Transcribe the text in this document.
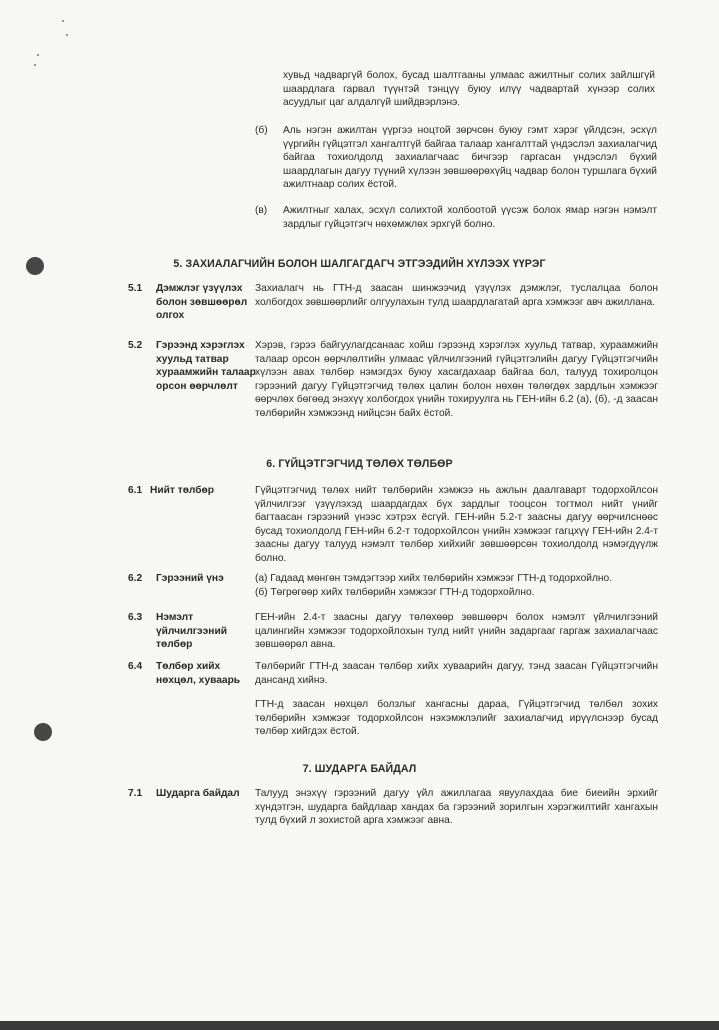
хувьд чадваргүй болох, бусад шалтгааны улмаас ажилтныг солих зайлшгүй шаардлага гарвал түүнтэй тэнцүү буюу илүү чадвартай хүнээр солих асуудлыг цаг алдалгүй шийдвэрлэнэ.
(б)	Аль нэгэн ажилтан үүргээ ноцтой зөрчсөн буюу гэмт хэрэг үйлдсэн, эсхүл үүргийн гүйцэтгэл хангалтгүй байгаа талаар хангалттай үндэслэл захиалагчид байгаа тохиолдолд захиалагчаас бичгээр гаргасан үндэслэл бүхий шаардлагын дагуу түүний хүлээн зөвшөөрөхүйц чадвар болон туршлага бүхий ажилтнаар солих ёстой.
(в)	Ажилтныг халах, эсхүл солихтой холбоотой үүсэж болох ямар нэгэн нэмэлт зардлыг гүйцэтгэгч нөхөмжлөх эрхгүй болно.
5. ЗАХИАЛАГЧИЙН БОЛОН ШАЛГАГДАГЧ ЭТГЭЭДИЙН ХҮЛЭЭХ ҮҮРЭГ
5.1	Дэмжлэг үзүүлэх болон зөвшөөрөл олгох

Захиалагч нь ГТН-д заасан шинжээчид үзүүлэх дэмжлэг, туслалцаа болон холбогдох зөвшөөрлийг олгуулахын тулд шаардлагатай арга хэмжээг авч ажиллана.

5.2	Гэрээнд хэрэглэх хуульд татвар хураамжийн талаар орсон өөрчлөлт

Хэрэв, гэрээ байгуулагдсанаас хойш гэрээнд хэрэглэх хуульд татвар, хураамжийн талаар орсон өөрчлөлтийн улмаас үйлчилгээний гүйцэтгэлийн дагуу Гүйцэтгэгчийн хүлээн авах төлбөр нэмэгдэх буюу хасагдахаар байгаа бол, талууд тохиролцон гэрээний дагуу Гүйцэтгэгчид төлөх цалин болон нөхөн төлөгдөх зардлын хэмжээг өөрчлөх бөгөөд энэхүү холбогдох үнийн тохируулга нь ГЕН-ийн 6.2 (а), (б), -д заасан төлбөрийн хэмжээнд нийцсэн байх ёстой.

6. ГҮЙЦЭТГЭГЧИД ТӨЛӨХ ТӨЛБӨР
6.1 Нийт төлбөр	Гүйцэтгэгчид төлөх нийт төлбөрийн хэмжээ нь ажлын даалгаварт тодорхойлсон үйлчилгээг үзүүлэхэд шаардагдах бүх зардлыг тооцсон тогтмол нийт үнийг багтаасан гэрээний үнээс хэтрэх ёсгүй. ГЕН-ийн 5.2-т заасны дагуу өөрчилснөөс бусад тохиолдолд ГЕН-ийн 6.2-т тодорхойлсон үнийн хэмжээг гагцхүү ГЕН-ийн 2.4-т заасны дагуу талууд нэмэлт төлбөр хийхийг зөвшөөрсөн тохиолдолд нэмэгдүүлж болно.

6.2	Гэрээний үнэ	(а) Гадаад мөнгөн тэмдэгтээр хийх төлбөрийн хэмжээг ГТН-д тодорхойлно.
(б) Төгрөгөөр хийх төлбөрийн хэмжээг ГТН-д тодорхойлно.
6.3	Нэмэлт үйлчилгээний төлбөр

ГЕН-ийн 2.4-т заасны дагуу төлөхөөр зөвшөөрч болох нэмэлт үйлчилгээний цалингийн хэмжээг тодорхойлохын тулд нийт үнийн задаргааг гаргаж захиалагчаас зөвшөөрөл авна.

6.4	Төлбөр хийх нөхцөл, хуваарь

Төлбөрийг ГТН-д заасан төлбөр хийх хуваарийн дагуу, тэнд заасан Гүйцэтгэгчийн дансанд хийнэ.

ГТН-д заасан нөхцөл болзлыг хангасны дараа, Гүйцэтгэгчид төлбөл зохих төлбөрийн хэмжээг тодорхойлсон нэхэмжлэлийг захиалагчид ирүүлснээр бусад төлбөр хийгдэх ёстой.

7. ШУДАРГА БАЙДАЛ
7.1	Шударга байдал	Талууд энэхүү гэрээний дагуу үйл ажиллагаа явуулахдаа бие биеийн эрхийг хүндэтгэн, шударга байдлаар хандах ба гэрээний зорилгын хэрэгжилтийг хангахын тулд бүхий л зохистой арга хэмжээг авна.
